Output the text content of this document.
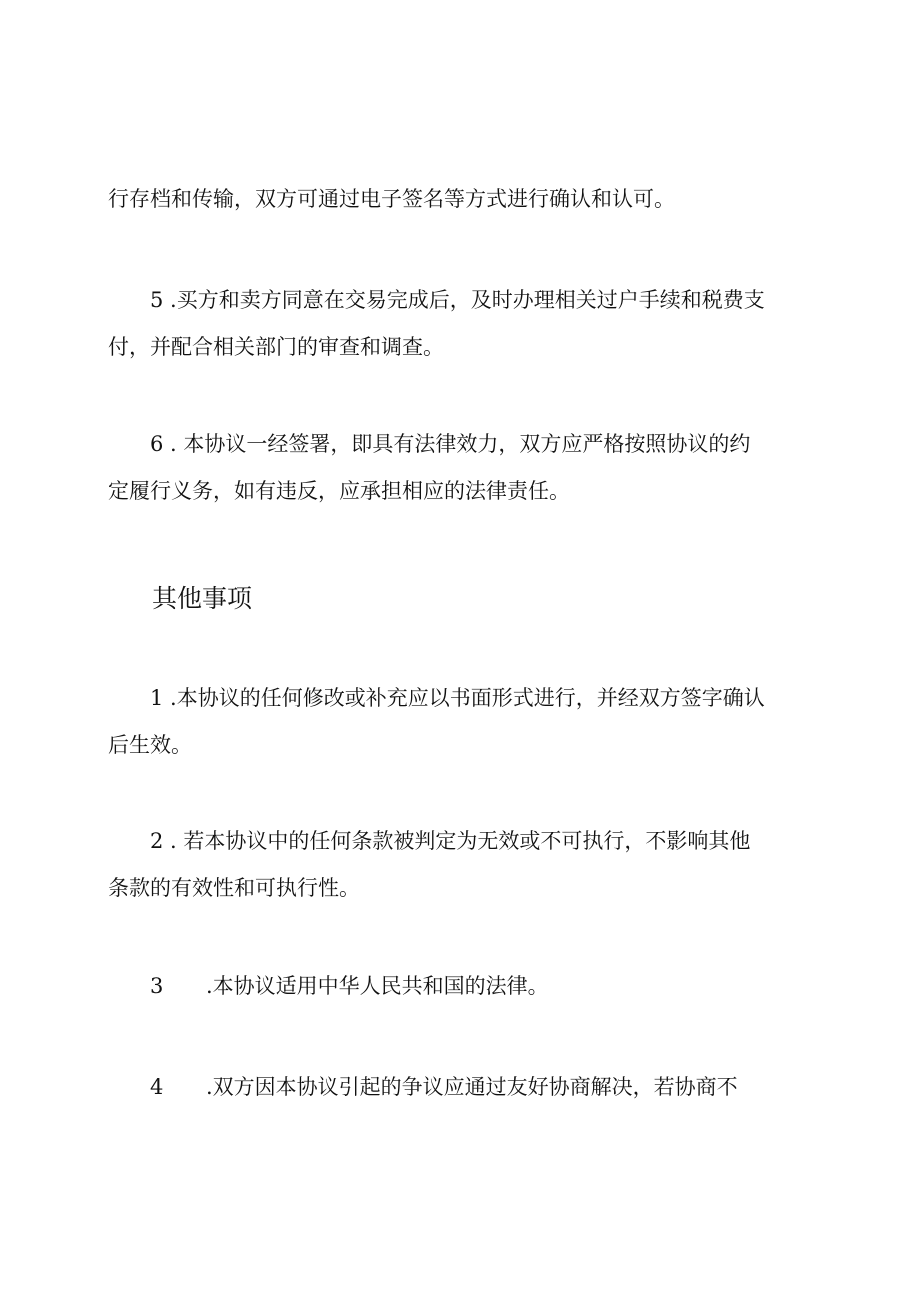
行存档和传输，双方可通过电子签名等方式进行确认和认可。
5 .买方和卖方同意在交易完成后，及时办理相关过户手续和税费支
付，并配合相关部门的审查和调查。
6 . 本协议一经签署，即具有法律效力，双方应严格按照协议的约
定履行义务，如有违反，应承担相应的法律责任。
其他事项
1 .本协议的任何修改或补充应以书面形式进行，并经双方签字确认
后生效。
2 . 若本协议中的任何条款被判定为无效或不可执行，不影响其他
条款的有效性和可执行性。
3 .本协议适用中华人民共和国的法律。
4 .双方因本协议引起的争议应通过友好协商解决，若协商不
